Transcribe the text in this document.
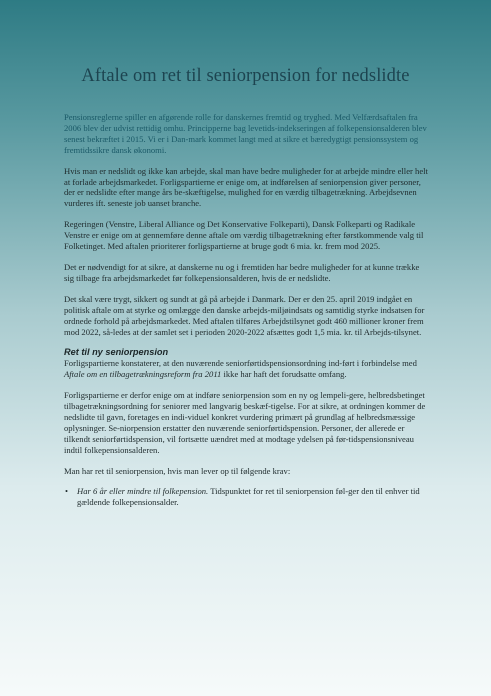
Aftale om ret til seniorpension for nedslidte

Pensionsreglerne spiller en afgørende rolle for danskernes fremtid og tryghed. Med Velfærdsaftalen fra 2006 blev der udvist rettidig omhu. Principperne bag levetids-indekseringen af folkepensionsalderen blev senest bekræftet i 2015. Vi er i Dan-mark kommet langt med at sikre et bæredygtigt pensionssystem og fremtidssikre dansk økonomi.

Hvis man er nedslidt og ikke kan arbejde, skal man have bedre muligheder for at arbejde mindre eller helt at forlade arbejdsmarkedet. Forligspartierne er enige om, at indførelsen af seniorpension giver personer, der er nedslidte efter mange års be-skæftigelse, mulighed for en værdig tilbagetrækning. Arbejdsevnen vurderes ift. seneste job uanset branche.

Regeringen (Venstre, Liberal Alliance og Det Konservative Folkeparti), Dansk Folkeparti og Radikale Venstre er enige om at gennemføre denne aftale om værdig tilbagetrækning efter førstkommende valg til Folketinget. Med aftalen prioriterer forligspartierne at bruge godt 6 mia. kr. frem mod 2025.

Det er nødvendigt for at sikre, at danskerne nu og i fremtiden har bedre muligheder for at kunne trække sig tilbage fra arbejdsmarkedet før folkepensionsalderen, hvis de er nedslidte.

Det skal være trygt, sikkert og sundt at gå på arbejde i Danmark. Der er den 25. april 2019 indgået en politisk aftale om at styrke og omlægge den danske arbejds-miljøindsats og samtidig styrke indsatsen for ordnede forhold på arbejdsmarkedet. Med aftalen tilføres Arbejdstilsynet godt 460 millioner kroner frem mod 2022, så-ledes at der samlet set i perioden 2020-2022 afsættes godt 1,5 mia. kr. til Arbejds-tilsynet.

Ret til ny seniorpension

Forligspartierne konstaterer, at den nuværende seniorførtidspensionsordning ind-ført i forbindelse med Aftale om en tilbagetrækningsreform fra 2011 ikke har haft det forudsatte omfang.

Forligspartierne er derfor enige om at indføre seniorpension som en ny og lempeli-gere, helbredsbetinget tilbagetrækningsordning for seniorer med langvarig beskæf-tigelse. For at sikre, at ordningen kommer de nedslidte til gavn, foretages en indi-viduel konkret vurdering primært på grundlag af helbredsmæssige oplysninger. Se-niorpension erstatter den nuværende seniorførtidspension. Personer, der allerede er tilkendt seniorførtidspension, vil fortsætte uændret med at modtage ydelsen på før-tidspensionsniveau indtil folkepensionsalderen.

Man har ret til seniorpension, hvis man lever op til følgende krav:

• Har 6 år eller mindre til folkepension. Tidspunktet for ret til seniorpension føl-ger den til enhver tid gældende folkepensionsalder.
